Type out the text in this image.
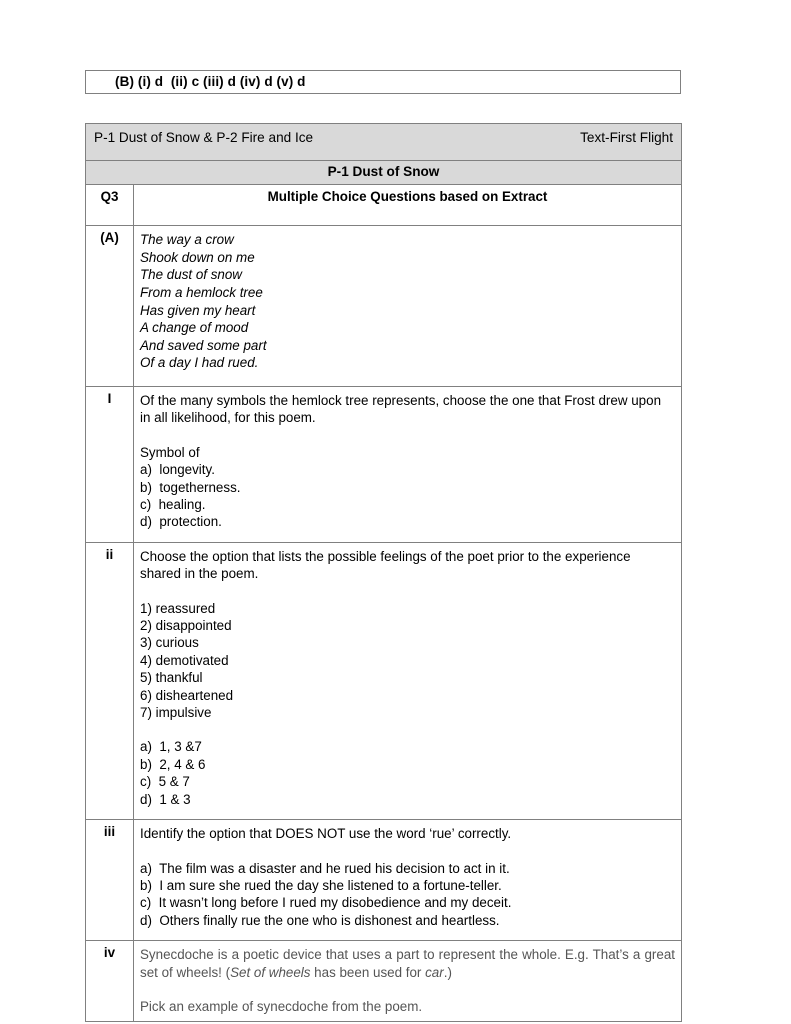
(B) (i) d  (ii) c (iii) d (iv) d (v) d
P-1 Dust of Snow & P-2 Fire and Ice Text-First Flight	

P-1 Dust of Snow	
Q3	Multiple Choice Questions based on Extract
(A)	The way a crow
Shook down on me
The dust of snow
From a hemlock tree
Has given my heart
A change of mood
And saved some part
Of a day I had rued.

I	Of the many symbols the hemlock tree represents, choose the one that Frost drew upon in all likelihood, for this poem.
Symbol of
a)  longevity.
b)  togetherness.
c)  healing.
d)  protection.

ii	Choose the option that lists the possible feelings of the poet prior to the experience shared in the poem.
1) reassured
2) disappointed
3) curious
4) demotivated
5) thankful
6) disheartened
7) impulsive
a)  1, 3 &7
b)  2, 4 & 6
c)  5 & 7
d)  1 & 3

iii	Identify the option that DOES NOT use the word ‘rue’ correctly.
a)  The film was a disaster and he rued his decision to act in it.
b)  I am sure she rued the day she listened to a fortune-teller.
c)  It wasn’t long before I rued my disobedience and my deceit.
d)  Others finally rue the one who is dishonest and heartless.

iv	Synecdoche is a poetic device that uses a part to represent the whole. E.g. That’s a great set of wheels! (Set of wheels has been used for car.)
Pick an example of synecdoche from the poem.
